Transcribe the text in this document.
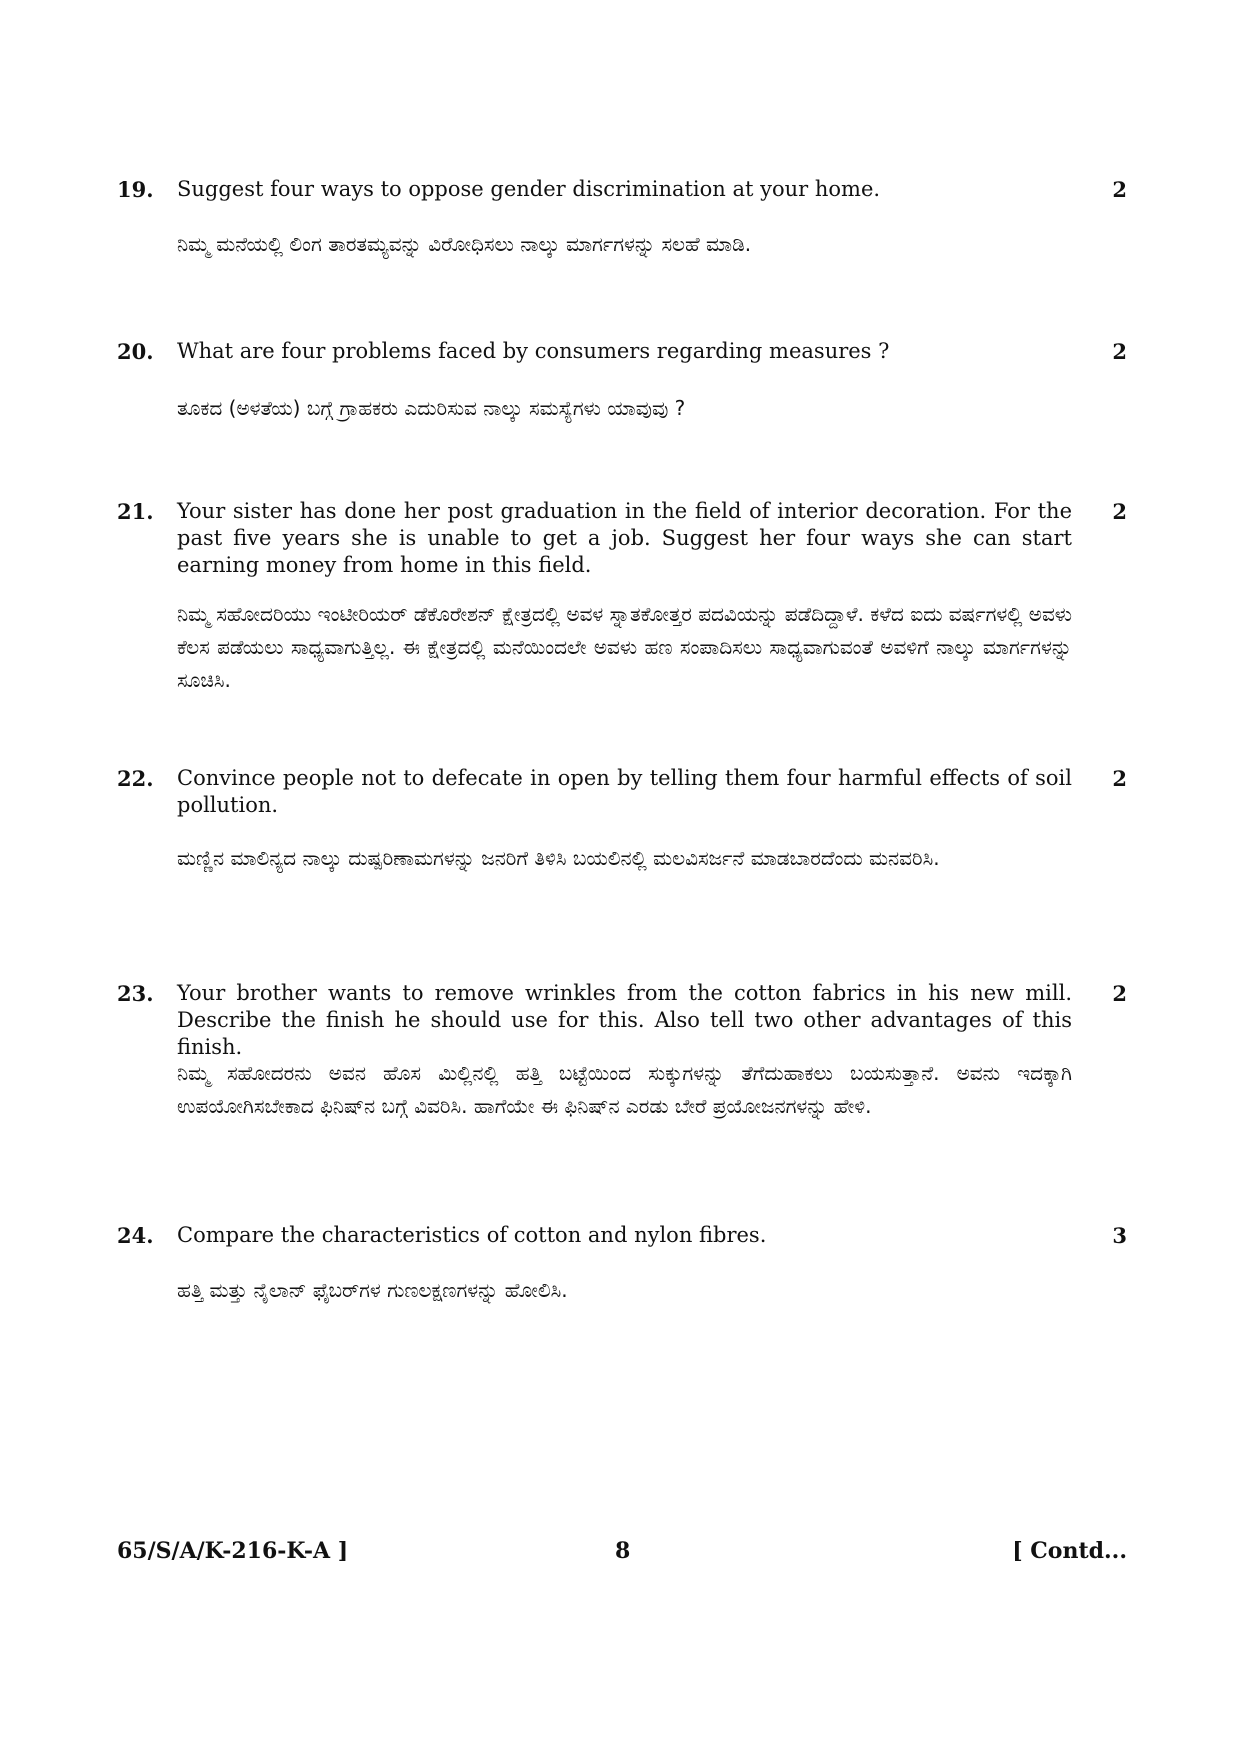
19. Suggest four ways to oppose gender discrimination at your home.	2
ನಿಮ್ಮ ಮನೆಯಲ್ಲಿ ಲಿಂಗ ತಾರತಮ್ಯವನ್ನು ವಿರೋಧಿಸಲು ನಾಲ್ಕು ಮಾರ್ಗಗಳನ್ನು ಸಲಹೆ ಮಾಡಿ.
20. What are four problems faced by consumers regarding measures ?	2
ತೂಕದ (ಅಳತೆಯ) ಬಗ್ಗೆ ಗ್ರಾಹಕರು ಎದುರಿಸುವ ನಾಲ್ಕು ಸಮಸ್ಯೆಗಳು ಯಾವುವು ?
21. Your sister has done her post graduation in the field of interior decoration. For the past five years she is unable to get a job. Suggest her four ways she can start earning money from home in this field.
2
ನಿಮ್ಮ ಸಹೋದರಿಯು ಇಂಟೀರಿಯರ್ ಡೆಕೊರೇಶನ್ ಕ್ಷೇತ್ರದಲ್ಲಿ ಅವಳ ಸ್ನಾತಕೋತ್ತರ ಪದವಿಯನ್ನು ಪಡೆದಿದ್ದಾಳೆ. ಕಳೆದ ಐದು ವರ್ಷಗಳಲ್ಲಿ ಅವಳು ಕೆಲಸ ಪಡೆಯಲು ಸಾಧ್ಯವಾಗುತ್ತಿಲ್ಲ. ಈ ಕ್ಷೇತ್ರದಲ್ಲಿ ಮನೆಯಿಂದಲೇ ಅವಳು ಹಣ ಸಂಪಾದಿಸಲು ಸಾಧ್ಯವಾಗುವಂತೆ ಅವಳಿಗೆ ನಾಲ್ಕು ಮಾರ್ಗಗಳನ್ನು ಸೂಚಿಸಿ.
22. Convince people not to defecate in open by telling them four harmful effects of soil pollution.
2
ಮಣ್ಣಿನ ಮಾಲಿನ್ಯದ ನಾಲ್ಕು ದುಷ್ಪರಿಣಾಮಗಳನ್ನು ಜನರಿಗೆ ತಿಳಿಸಿ ಬಯಲಿನಲ್ಲಿ ಮಲವಿಸರ್ಜನೆ ಮಾಡಬಾರದೆಂದು ಮನವರಿಸಿ.
23. Your brother wants to remove wrinkles from the cotton fabrics in his new mill. Describe the finish he should use for this. Also tell two other advantages of this finish.
2
ನಿಮ್ಮ ಸಹೋದರನು ಅವನ ಹೊಸ ಮಿಲ್ಲಿನಲ್ಲಿ ಹತ್ತಿ ಬಟ್ಟೆಯಿಂದ ಸುಕ್ಕುಗಳನ್ನು ತೆಗೆದುಹಾಕಲು ಬಯಸುತ್ತಾನೆ. ಅವನು ಇದಕ್ಕಾಗಿ ಉಪಯೋಗಿಸಬೇಕಾದ ಫಿನಿಷ್‌ನ ಬಗ್ಗೆ ವಿವರಿಸಿ. ಹಾಗೆಯೇ ಈ ಫಿನಿಷ್‌ನ ಎರಡು ಬೇರೆ ಪ್ರಯೋಜನಗಳನ್ನು ಹೇಳಿ.
24. Compare the characteristics of cotton and nylon fibres.	3
ಹತ್ತಿ ಮತ್ತು ನೈಲಾನ್ ಫೈಬರ್‌ಗಳ ಗುಣಲಕ್ಷಣಗಳನ್ನು ಹೋಲಿಸಿ.
65/S/A/K-216-K-A ]	8	[ Contd...
